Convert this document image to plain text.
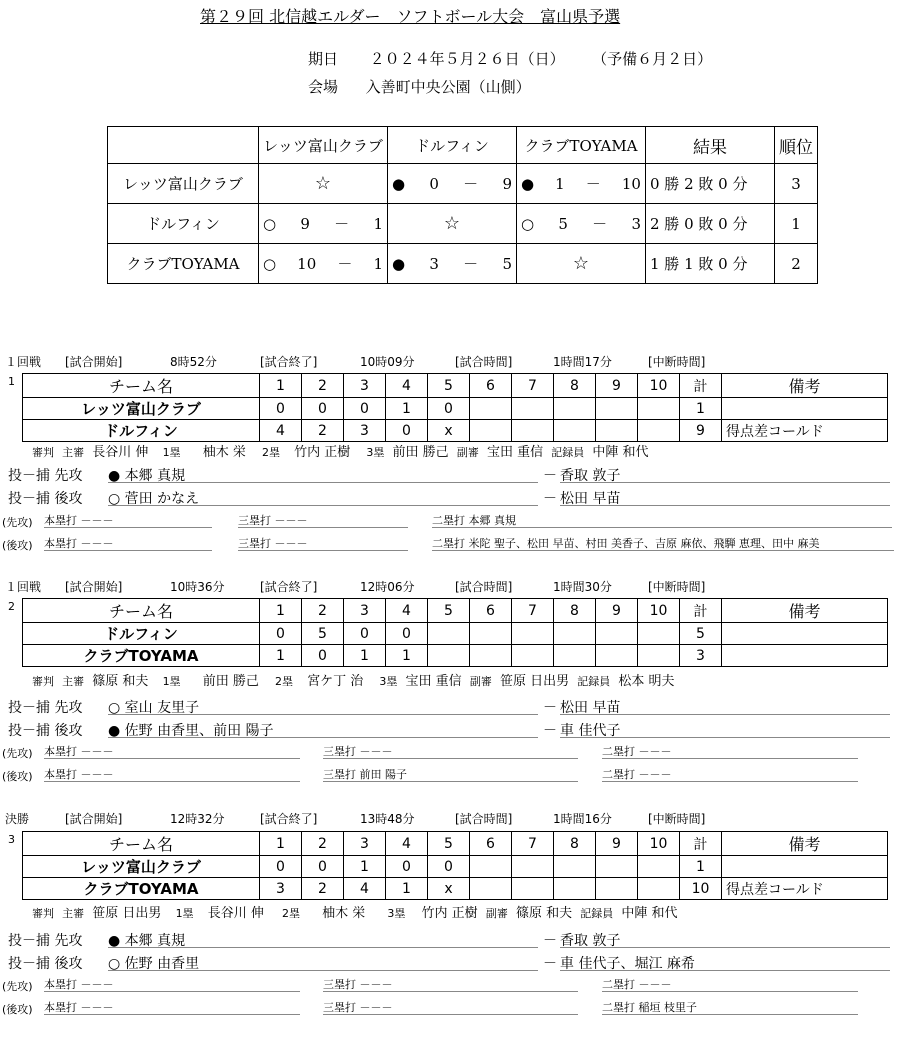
第２９回 北信越エルダー　ソフトボール大会　富山県予選
期日 ２０２４年５月２６日（日） （予備６月２日）
会場 入善町中央公園（山側）
	レッツ富山クラブ	ドルフィン	クラブTOYAMA	結果	順位
レッツ富山クラブ	☆	● 0 － 9	● 1 － 10	0 勝 2 敗 0 分	3
ドルフィン	○ 9 － 1	☆	○ 5 － 3	2 勝 0 敗 0 分	1
クラブTOYAMA	○ 10 － 1	● 3 － 5	☆	1 勝 1 敗 0 分	2
１回戦 [試合開始]	8時52分	[試合終了]	10時09分	[試合時間]	1時間17分	[中断時間]
1	チーム名	1	2	3	4	5	6	7	8	9	10	計	備考
レッツ富山クラブ	0	0	0	1	0						1	
ドルフィン	4	2	3	0	x						9	得点差コールド
審判 主審 長谷川 伸 1塁 柚木 栄 2塁 竹内 正樹 3塁 前田 勝己 副審 宝田 重信 記録員 中陣 和代
投－捕 先攻 ● 本郷 真規	－ 香取 敦子
投－捕 後攻 ○ 菅田 かなえ	－ 松田 早苗
(先攻) 本塁打 －－－	三塁打 －－－	二塁打 本郷 真規
(後攻) 本塁打 －－－	三塁打 －－－	二塁打 米陀 聖子、松田 早苗、村田 美香子、吉原 麻依、飛騨 恵理、田中 麻美
１回戦 [試合開始]	10時36分	[試合終了]	12時06分	[試合時間]	1時間30分	[中断時間]
2	チーム名	1	2	3	4	5	6	7	8	9	10	計	備考
ドルフィン	0	5	0	0							5	
クラブTOYAMA	1	0	1	1							3	
審判 主審 篠原 和夫 1塁 前田 勝己 2塁 宮ケ丁 治 3塁 宝田 重信 副審 笹原 日出男 記録員 松本 明夫
投－捕 先攻 ○ 室山 友里子	－ 松田 早苗
投－捕 後攻 ● 佐野 由香里、前田 陽子	－ 車 佳代子
(先攻) 本塁打 －－－	三塁打 －－－	二塁打 －－－
(後攻) 本塁打 －－－	三塁打 前田 陽子	二塁打 －－－
決勝	[試合開始]	12時32分	[試合終了]	13時48分	[試合時間]	1時間16分	[中断時間]
3	チーム名	1	2	3	4	5	6	7	8	9	10	計	備考
レッツ富山クラブ	0	0	1	0	0						1	
クラブTOYAMA	3	2	4	1	x						10	得点差コールド
審判 主審 笹原 日出男 1塁 長谷川 伸 2塁 柚木 栄 3塁 竹内 正樹 副審 篠原 和夫 記録員 中陣 和代
投－捕 先攻 ● 本郷 真規	－ 香取 敦子
投－捕 後攻 ○ 佐野 由香里	－ 車 佳代子、堀江 麻希
(先攻) 本塁打 －－－	三塁打 －－－	二塁打 －－－
(後攻) 本塁打 －－－	三塁打 －－－	二塁打 稲垣 枝里子
